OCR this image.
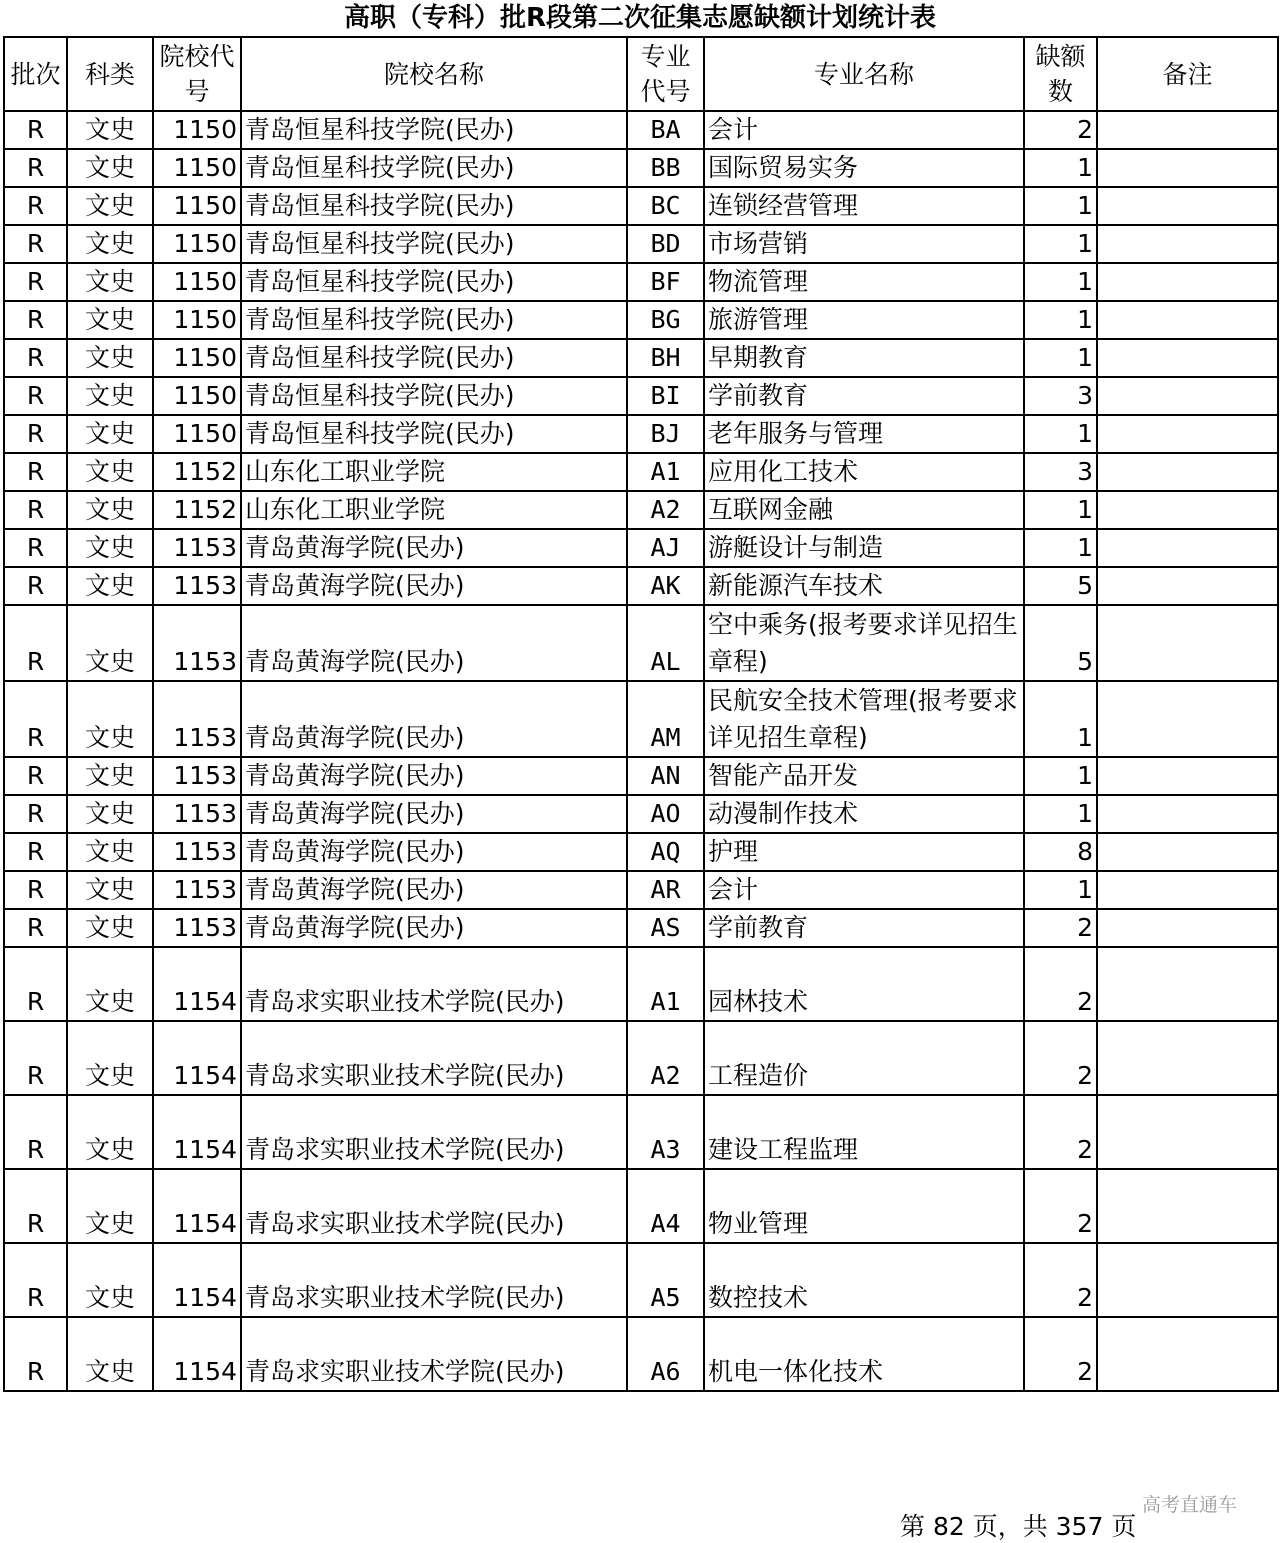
高职（专科）批R段第二次征集志愿缺额计划统计表
批次	科类	院校代号	院校名称	专业代号	专业名称	缺额数	备注
R	文史	1150	青岛恒星科技学院(民办)	BA	会计	2	
R	文史	1150	青岛恒星科技学院(民办)	BB	国际贸易实务	1	
R	文史	1150	青岛恒星科技学院(民办)	BC	连锁经营管理	1	
R	文史	1150	青岛恒星科技学院(民办)	BD	市场营销	1	
R	文史	1150	青岛恒星科技学院(民办)	BF	物流管理	1	
R	文史	1150	青岛恒星科技学院(民办)	BG	旅游管理	1	
R	文史	1150	青岛恒星科技学院(民办)	BH	早期教育	1	
R	文史	1150	青岛恒星科技学院(民办)	BI	学前教育	3	
R	文史	1150	青岛恒星科技学院(民办)	BJ	老年服务与管理	1	
R	文史	1152	山东化工职业学院	A1	应用化工技术	3	
R	文史	1152	山东化工职业学院	A2	互联网金融	1	
R	文史	1153	青岛黄海学院(民办)	AJ	游艇设计与制造	1	
R	文史	1153	青岛黄海学院(民办)	AK	新能源汽车技术	5	
R	文史	1153	青岛黄海学院(民办)	AL	空中乘务(报考要求详见招生章程)	5	
R	文史	1153	青岛黄海学院(民办)	AM	民航安全技术管理(报考要求详见招生章程)	1	
R	文史	1153	青岛黄海学院(民办)	AN	智能产品开发	1	
R	文史	1153	青岛黄海学院(民办)	AO	动漫制作技术	1	
R	文史	1153	青岛黄海学院(民办)	AQ	护理	8	
R	文史	1153	青岛黄海学院(民办)	AR	会计	1	
R	文史	1153	青岛黄海学院(民办)	AS	学前教育	2	
R	文史	1154	青岛求实职业技术学院(民办)	A1	园林技术	2	
R	文史	1154	青岛求实职业技术学院(民办)	A2	工程造价	2	
R	文史	1154	青岛求实职业技术学院(民办)	A3	建设工程监理	2	
R	文史	1154	青岛求实职业技术学院(民办)	A4	物业管理	2	
R	文史	1154	青岛求实职业技术学院(民办)	A5	数控技术	2	
R	文史	1154	青岛求实职业技术学院(民办)	A6	机电一体化技术	2	
高考直通车
第 82 页，共 357 页
